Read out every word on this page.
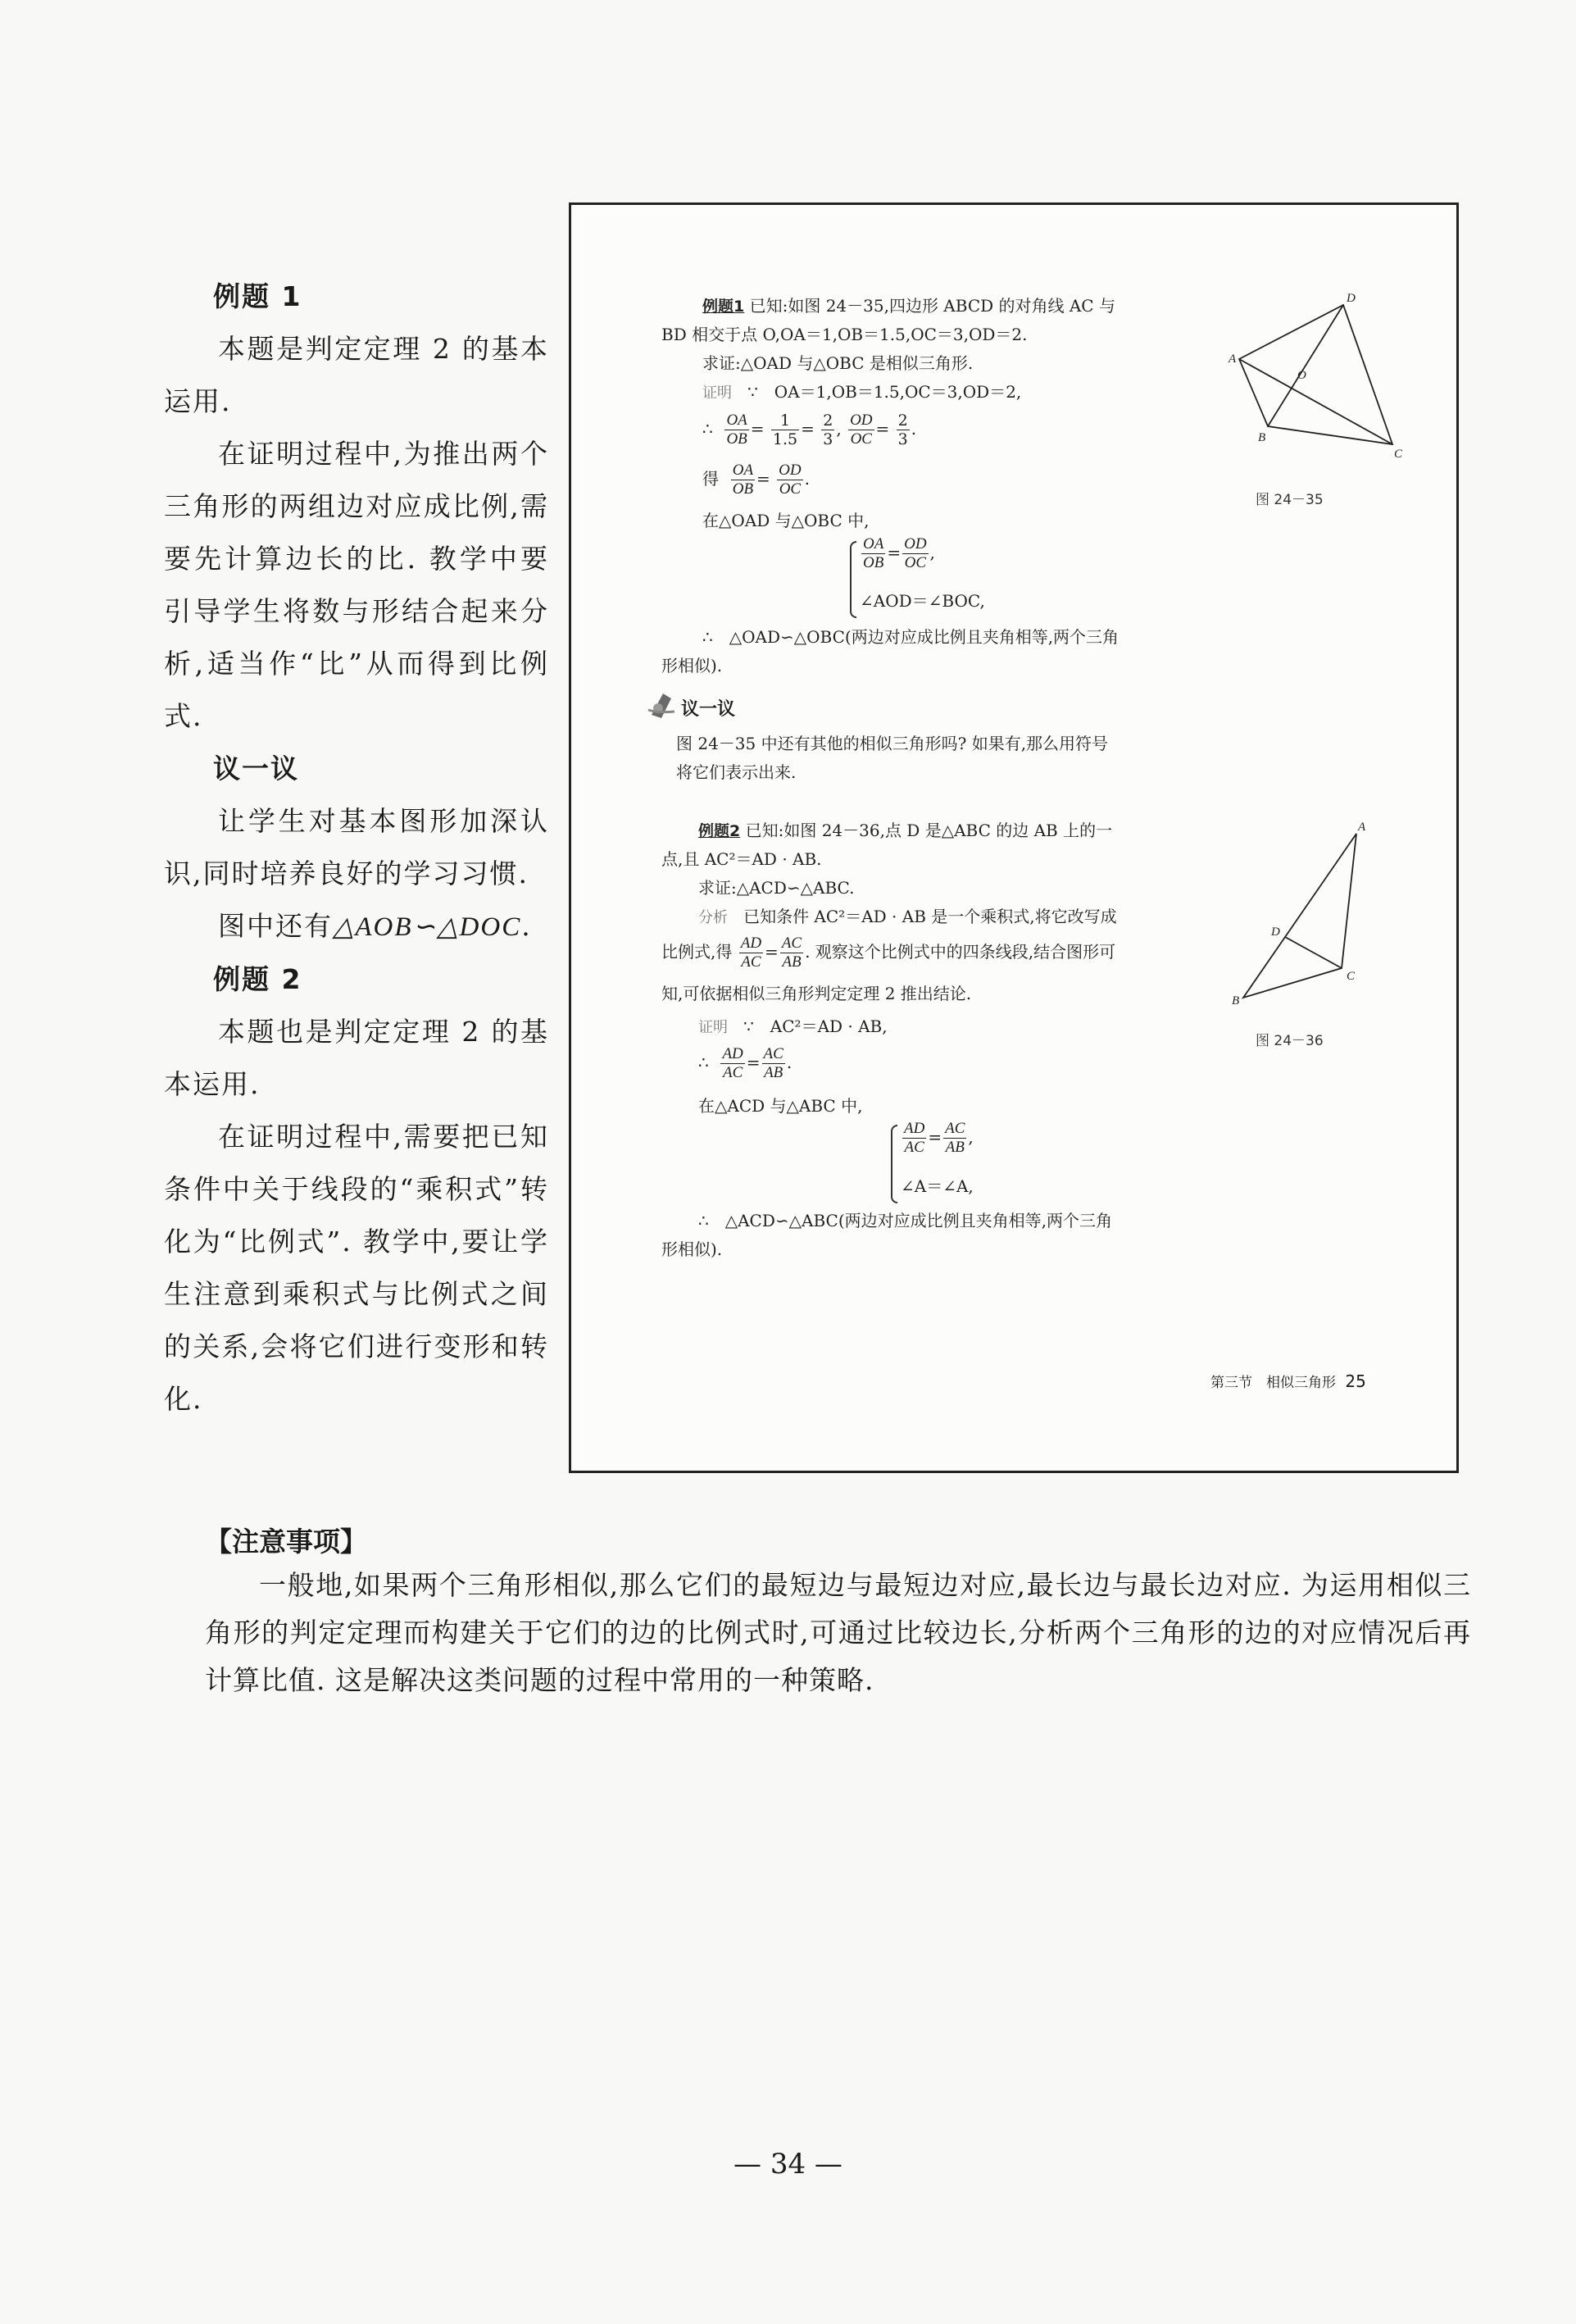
例题 1
本题是判定定理 2 的基本运用.
在证明过程中,为推出两个三角形的两组边对应成比例,需要先计算边长的比. 教学中要引导学生将数与形结合起来分析,适当作“比”从而得到比例式.
议一议
让学生对基本图形加深认识,同时培养良好的学习习惯.
图中还有△AOB∽△DOC.
例题 2
本题也是判定定理 2 的基本运用.
在证明过程中,需要把已知条件中关于线段的“乘积式”转化为“比例式”. 教学中,要让学生注意到乘积式与比例式之间的关系,会将它们进行变形和转化.
例题1 已知:如图 24－35,四边形 ABCD 的对角线 AC 与
BD 相交于点 O,OA＝1,OB＝1.5,OC＝3,OD＝2.
求证:△OAD 与△OBC 是相似三角形.
证明 ∵　OA＝1,OB＝1.5,OC＝3,OD＝2,
∴ $\frac{OA}{OB} = \frac{1}{1.5} = \frac{2}{3}$ , $\frac{OD}{OC} = \frac{2}{3}$ .
得 $\frac{OA}{OB} = \frac{OD}{OC}$ .
在△OAD 与△OBC 中,
$\frac{OA}{OB} = \frac{OD}{OC}$ ,
∠AOD＝∠BOC,
∴　△OAD∽△OBC(两边对应成比例且夹角相等,两个三角
形相似).
A
B
C
D
O
图 24－35
议一议
图 24－35 中还有其他的相似三角形吗? 如果有,那么用符号
将它们表示出来.
例题2 已知:如图 24－36,点 D 是△ABC 的边 AB 上的一
点,且 AC²＝AD · AB.
求证:△ACD∽△ABC.
分析 已知条件 AC²＝AD · AB 是一个乘积式,将它改写成
比例式,得 $\frac{AD}{AC} = \frac{AC}{AB}$ . 观察这个比例式中的四条线段,结合图形可
知,可依据相似三角形判定定理 2 推出结论.
证明 ∵　AC²＝AD · AB,
∴ $\frac{AD}{AC} = \frac{AC}{AB}$ .
在△ACD 与△ABC 中,
$\frac{AD}{AC} = \frac{AC}{AB}$ ,
∠A＝∠A,
∴　△ACD∽△ABC(两边对应成比例且夹角相等,两个三角
形相似).
A
B
C
D
图 24－36
第三节　相似三角形 25
【注意事项】
一般地,如果两个三角形相似,那么它们的最短边与最短边对应,最长边与最长边对应. 为运用相似三角形的判定定理而构建关于它们的边的比例式时,可通过比较边长,分析两个三角形的边的对应情况后再计算比值. 这是解决这类问题的过程中常用的一种策略.
— 34 —
